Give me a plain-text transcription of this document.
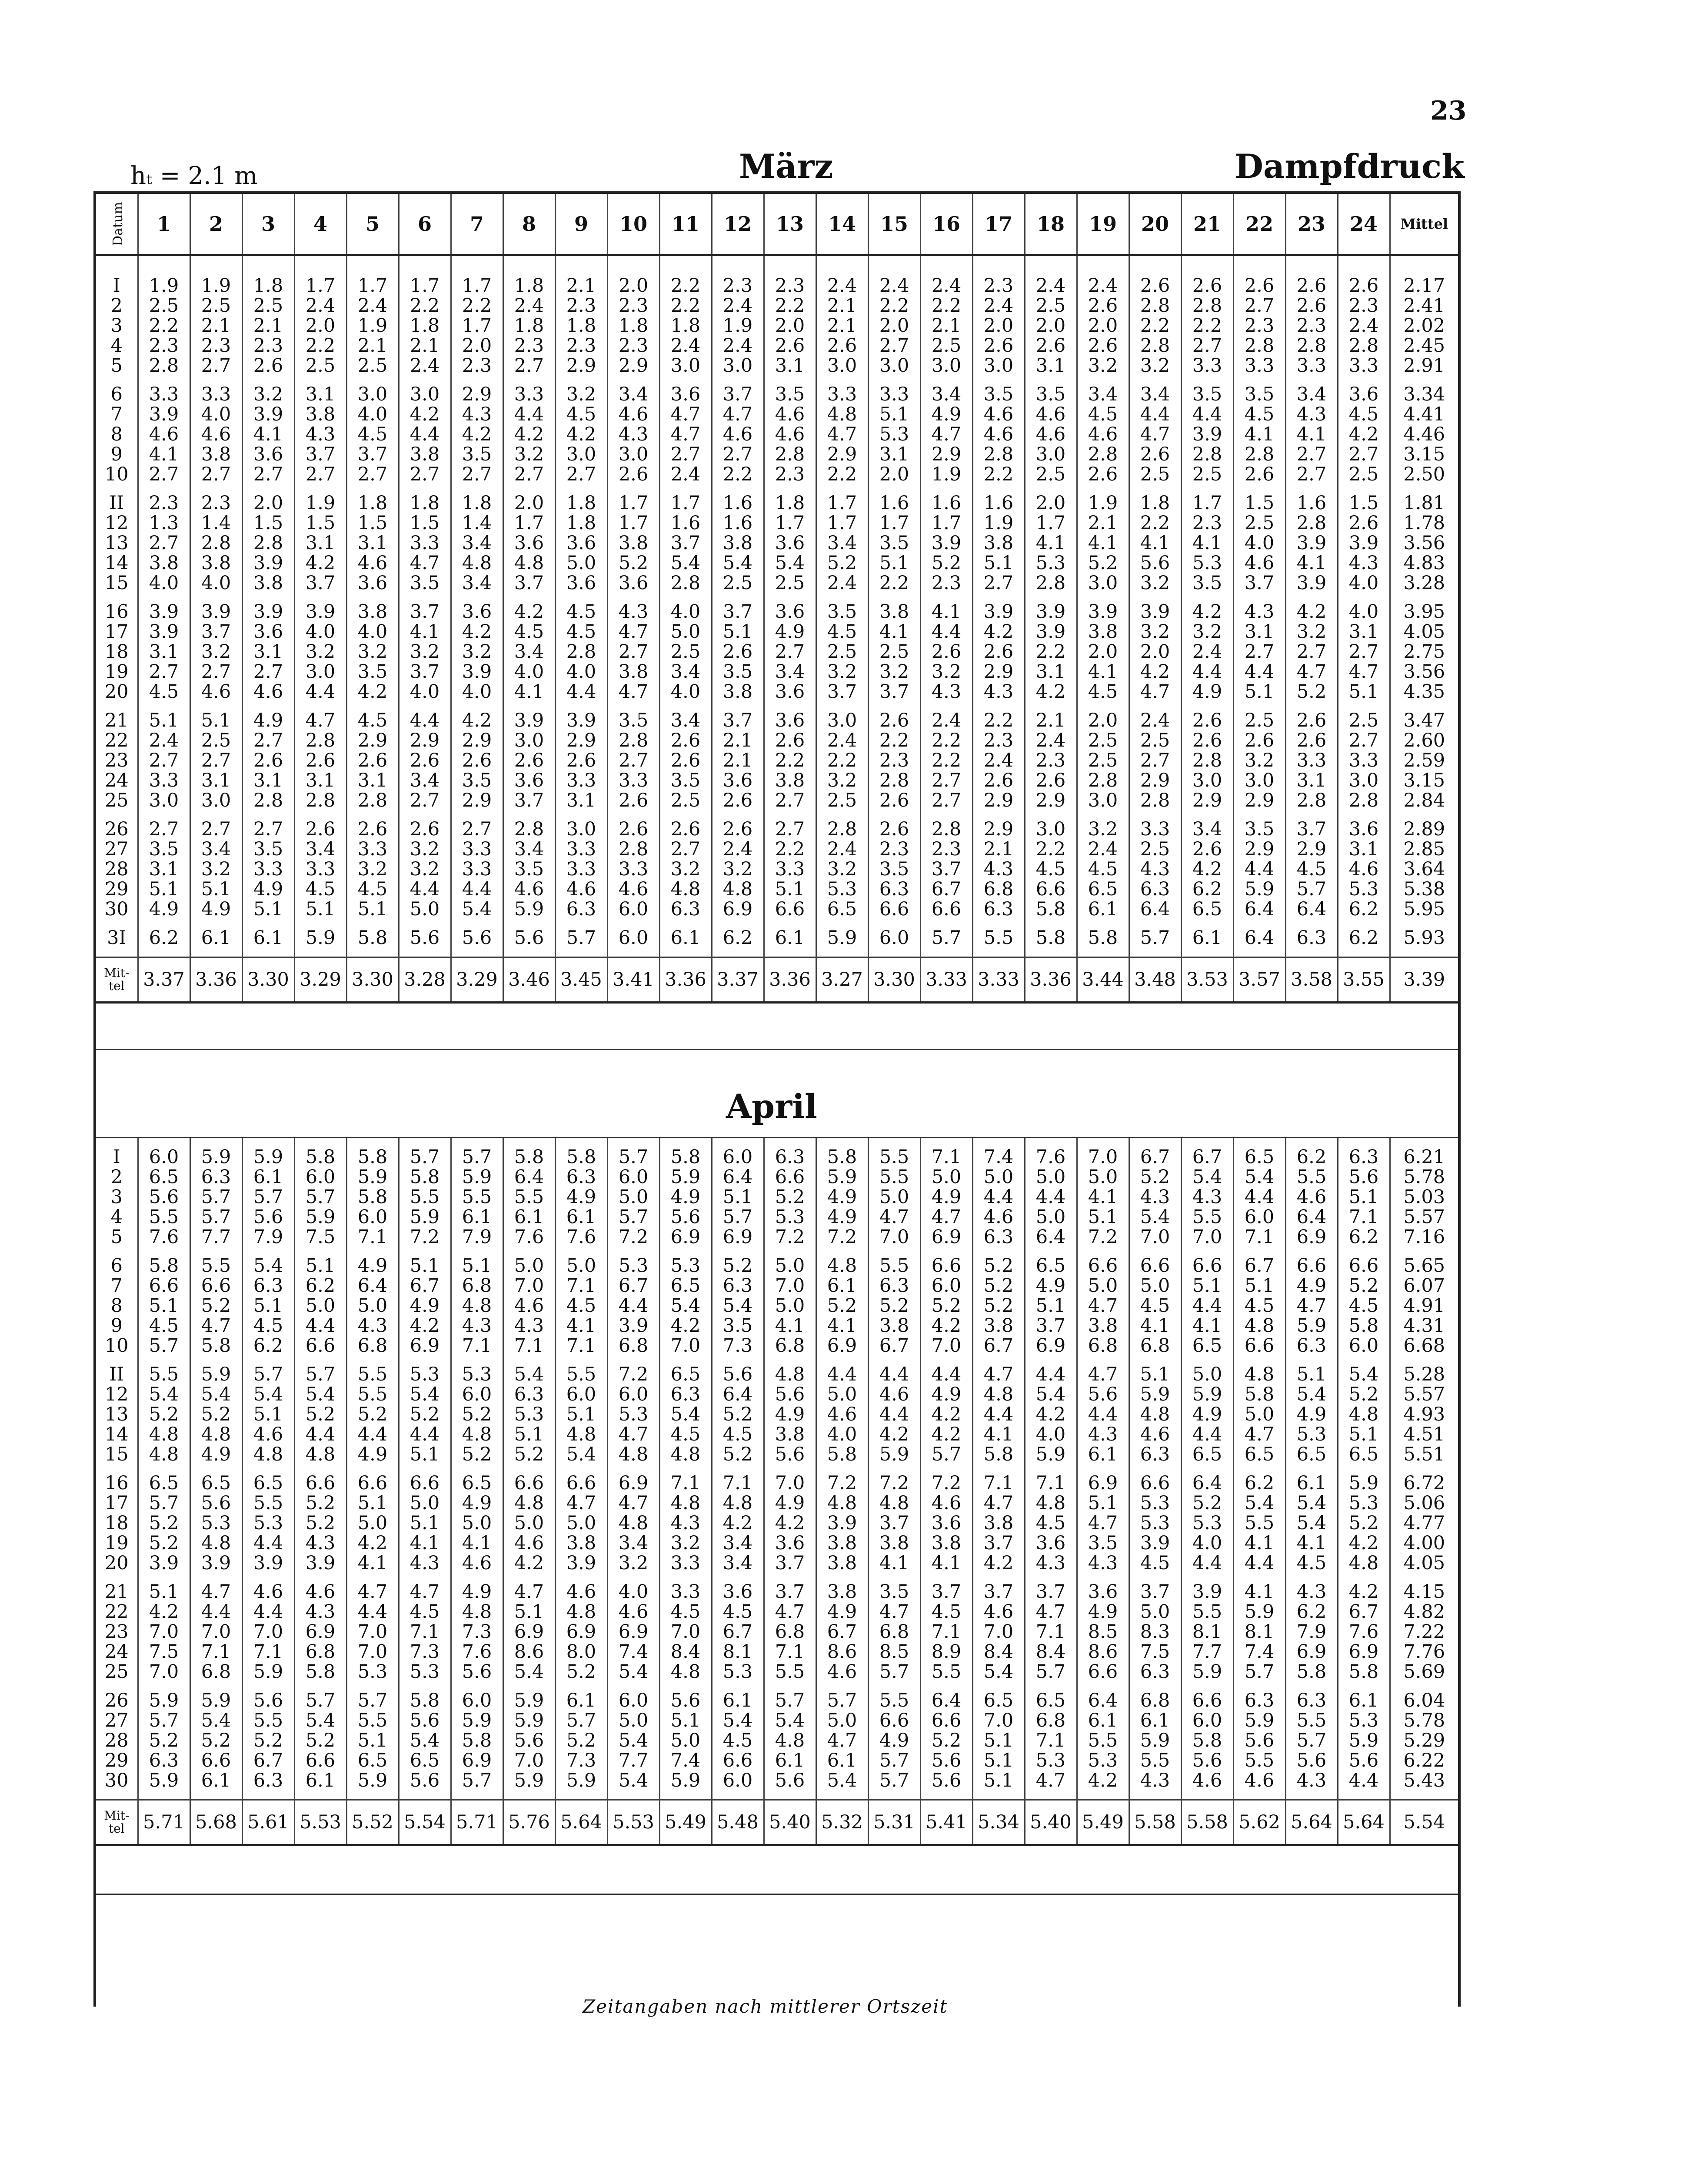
23
hₜ = 2.1 m	März	Dampfdruck
Datum	1	2	3	4	5	6	7	8	9	10	11	12	13	14	15	16	17	18	19	20	21	22	23	24	Mittel

I	1.9	1.9	1.8	1.7	1.7	1.7	1.7	1.8	2.1	2.0	2.2	2.3	2.3	2.4	2.4	2.4	2.3	2.4	2.4	2.6	2.6	2.6	2.6	2.6	2.17
2	2.5	2.5	2.5	2.4	2.4	2.2	2.2	2.4	2.3	2.3	2.2	2.4	2.2	2.1	2.2	2.2	2.4	2.5	2.6	2.8	2.8	2.7	2.6	2.3	2.41
3	2.2	2.1	2.1	2.0	1.9	1.8	1.7	1.8	1.8	1.8	1.8	1.9	2.0	2.1	2.0	2.1	2.0	2.0	2.0	2.2	2.2	2.3	2.3	2.4	2.02
4	2.3	2.3	2.3	2.2	2.1	2.1	2.0	2.3	2.3	2.3	2.4	2.4	2.6	2.6	2.7	2.5	2.6	2.6	2.6	2.8	2.7	2.8	2.8	2.8	2.45
5	2.8	2.7	2.6	2.5	2.5	2.4	2.3	2.7	2.9	2.9	3.0	3.0	3.1	3.0	3.0	3.0	3.0	3.1	3.2	3.2	3.3	3.3	3.3	3.3	2.91

6	3.3	3.3	3.2	3.1	3.0	3.0	2.9	3.3	3.2	3.4	3.6	3.7	3.5	3.3	3.3	3.4	3.5	3.5	3.4	3.4	3.5	3.5	3.4	3.6	3.34
7	3.9	4.0	3.9	3.8	4.0	4.2	4.3	4.4	4.5	4.6	4.7	4.7	4.6	4.8	5.1	4.9	4.6	4.6	4.5	4.4	4.4	4.5	4.3	4.5	4.41
8	4.6	4.6	4.1	4.3	4.5	4.4	4.2	4.2	4.2	4.3	4.7	4.6	4.6	4.7	5.3	4.7	4.6	4.6	4.6	4.7	3.9	4.1	4.1	4.2	4.46
9	4.1	3.8	3.6	3.7	3.7	3.8	3.5	3.2	3.0	3.0	2.7	2.7	2.8	2.9	3.1	2.9	2.8	3.0	2.8	2.6	2.8	2.8	2.7	2.7	3.15
10	2.7	2.7	2.7	2.7	2.7	2.7	2.7	2.7	2.7	2.6	2.4	2.2	2.3	2.2	2.0	1.9	2.2	2.5	2.6	2.5	2.5	2.6	2.7	2.5	2.50

II	2.3	2.3	2.0	1.9	1.8	1.8	1.8	2.0	1.8	1.7	1.7	1.6	1.8	1.7	1.6	1.6	1.6	2.0	1.9	1.8	1.7	1.5	1.6	1.5	1.81
12	1.3	1.4	1.5	1.5	1.5	1.5	1.4	1.7	1.8	1.7	1.6	1.6	1.7	1.7	1.7	1.7	1.9	1.7	2.1	2.2	2.3	2.5	2.8	2.6	1.78
13	2.7	2.8	2.8	3.1	3.1	3.3	3.4	3.6	3.6	3.8	3.7	3.8	3.6	3.4	3.5	3.9	3.8	4.1	4.1	4.1	4.1	4.0	3.9	3.9	3.56
14	3.8	3.8	3.9	4.2	4.6	4.7	4.8	4.8	5.0	5.2	5.4	5.4	5.4	5.2	5.1	5.2	5.1	5.3	5.2	5.6	5.3	4.6	4.1	4.3	4.83
15	4.0	4.0	3.8	3.7	3.6	3.5	3.4	3.7	3.6	3.6	2.8	2.5	2.5	2.4	2.2	2.3	2.7	2.8	3.0	3.2	3.5	3.7	3.9	4.0	3.28

16	3.9	3.9	3.9	3.9	3.8	3.7	3.6	4.2	4.5	4.3	4.0	3.7	3.6	3.5	3.8	4.1	3.9	3.9	3.9	3.9	4.2	4.3	4.2	4.0	3.95
17	3.9	3.7	3.6	4.0	4.0	4.1	4.2	4.5	4.5	4.7	5.0	5.1	4.9	4.5	4.1	4.4	4.2	3.9	3.8	3.2	3.2	3.1	3.2	3.1	4.05
18	3.1	3.2	3.1	3.2	3.2	3.2	3.2	3.4	2.8	2.7	2.5	2.6	2.7	2.5	2.5	2.6	2.6	2.2	2.0	2.0	2.4	2.7	2.7	2.7	2.75
19	2.7	2.7	2.7	3.0	3.5	3.7	3.9	4.0	4.0	3.8	3.4	3.5	3.4	3.2	3.2	3.2	2.9	3.1	4.1	4.2	4.4	4.4	4.7	4.7	3.56
20	4.5	4.6	4.6	4.4	4.2	4.0	4.0	4.1	4.4	4.7	4.0	3.8	3.6	3.7	3.7	4.3	4.3	4.2	4.5	4.7	4.9	5.1	5.2	5.1	4.35

21	5.1	5.1	4.9	4.7	4.5	4.4	4.2	3.9	3.9	3.5	3.4	3.7	3.6	3.0	2.6	2.4	2.2	2.1	2.0	2.4	2.6	2.5	2.6	2.5	3.47
22	2.4	2.5	2.7	2.8	2.9	2.9	2.9	3.0	2.9	2.8	2.6	2.1	2.6	2.4	2.2	2.2	2.3	2.4	2.5	2.5	2.6	2.6	2.6	2.7	2.60
23	2.7	2.7	2.6	2.6	2.6	2.6	2.6	2.6	2.6	2.7	2.6	2.1	2.2	2.2	2.3	2.2	2.4	2.3	2.5	2.7	2.8	3.2	3.3	3.3	2.59
24	3.3	3.1	3.1	3.1	3.1	3.4	3.5	3.6	3.3	3.3	3.5	3.6	3.8	3.2	2.8	2.7	2.6	2.6	2.8	2.9	3.0	3.0	3.1	3.0	3.15
25	3.0	3.0	2.8	2.8	2.8	2.7	2.9	3.7	3.1	2.6	2.5	2.6	2.7	2.5	2.6	2.7	2.9	2.9	3.0	2.8	2.9	2.9	2.8	2.8	2.84

26	2.7	2.7	2.7	2.6	2.6	2.6	2.7	2.8	3.0	2.6	2.6	2.6	2.7	2.8	2.6	2.8	2.9	3.0	3.2	3.3	3.4	3.5	3.7	3.6	2.89
27	3.5	3.4	3.5	3.4	3.3	3.2	3.3	3.4	3.3	2.8	2.7	2.4	2.2	2.4	2.3	2.3	2.1	2.2	2.4	2.5	2.6	2.9	2.9	3.1	2.85
28	3.1	3.2	3.3	3.3	3.2	3.2	3.3	3.5	3.3	3.3	3.2	3.2	3.3	3.2	3.5	3.7	4.3	4.5	4.5	4.3	4.2	4.4	4.5	4.6	3.64
29	5.1	5.1	4.9	4.5	4.5	4.4	4.4	4.6	4.6	4.6	4.8	4.8	5.1	5.3	6.3	6.7	6.8	6.6	6.5	6.3	6.2	5.9	5.7	5.3	5.38
30	4.9	4.9	5.1	5.1	5.1	5.0	5.4	5.9	6.3	6.0	6.3	6.9	6.6	6.5	6.6	6.6	6.3	5.8	6.1	6.4	6.5	6.4	6.4	6.2	5.95

3I	6.2	6.1	6.1	5.9	5.8	5.6	5.6	5.6	5.7	6.0	6.1	6.2	6.1	5.9	6.0	5.7	5.5	5.8	5.8	5.7	6.1	6.4	6.3	6.2	5.93

Mit-
tel	3.37	3.36	3.30	3.29	3.30	3.28	3.29	3.46	3.45	3.41	3.36	3.37	3.36	3.27	3.30	3.33	3.33	3.36	3.44	3.48	3.53	3.57	3.58	3.55	3.39
April

I	6.0	5.9	5.9	5.8	5.8	5.7	5.7	5.8	5.8	5.7	5.8	6.0	6.3	5.8	5.5	7.1	7.4	7.6	7.0	6.7	6.7	6.5	6.2	6.3	6.21
2	6.5	6.3	6.1	6.0	5.9	5.8	5.9	6.4	6.3	6.0	5.9	6.4	6.6	5.9	5.5	5.0	5.0	5.0	5.0	5.2	5.4	5.4	5.5	5.6	5.78
3	5.6	5.7	5.7	5.7	5.8	5.5	5.5	5.5	4.9	5.0	4.9	5.1	5.2	4.9	5.0	4.9	4.4	4.4	4.1	4.3	4.3	4.4	4.6	5.1	5.03
4	5.5	5.7	5.6	5.9	6.0	5.9	6.1	6.1	6.1	5.7	5.6	5.7	5.3	4.9	4.7	4.7	4.6	5.0	5.1	5.4	5.5	6.0	6.4	7.1	5.57
5	7.6	7.7	7.9	7.5	7.1	7.2	7.9	7.6	7.6	7.2	6.9	6.9	7.2	7.2	7.0	6.9	6.3	6.4	7.2	7.0	7.0	7.1	6.9	6.2	7.16

6	5.8	5.5	5.4	5.1	4.9	5.1	5.1	5.0	5.0	5.3	5.3	5.2	5.0	4.8	5.5	6.6	5.2	6.5	6.6	6.6	6.6	6.7	6.6	6.6	5.65
7	6.6	6.6	6.3	6.2	6.4	6.7	6.8	7.0	7.1	6.7	6.5	6.3	7.0	6.1	6.3	6.0	5.2	4.9	5.0	5.0	5.1	5.1	4.9	5.2	6.07
8	5.1	5.2	5.1	5.0	5.0	4.9	4.8	4.6	4.5	4.4	5.4	5.4	5.0	5.2	5.2	5.2	5.2	5.1	4.7	4.5	4.4	4.5	4.7	4.5	4.91
9	4.5	4.7	4.5	4.4	4.3	4.2	4.3	4.3	4.1	3.9	4.2	3.5	4.1	4.1	3.8	4.2	3.8	3.7	3.8	4.1	4.1	4.8	5.9	5.8	4.31
10	5.7	5.8	6.2	6.6	6.8	6.9	7.1	7.1	7.1	6.8	7.0	7.3	6.8	6.9	6.7	7.0	6.7	6.9	6.8	6.8	6.5	6.6	6.3	6.0	6.68

II	5.5	5.9	5.7	5.7	5.5	5.3	5.3	5.4	5.5	7.2	6.5	5.6	4.8	4.4	4.4	4.4	4.7	4.4	4.7	5.1	5.0	4.8	5.1	5.4	5.28
12	5.4	5.4	5.4	5.4	5.5	5.4	6.0	6.3	6.0	6.0	6.3	6.4	5.6	5.0	4.6	4.9	4.8	5.4	5.6	5.9	5.9	5.8	5.4	5.2	5.57
13	5.2	5.2	5.1	5.2	5.2	5.2	5.2	5.3	5.1	5.3	5.4	5.2	4.9	4.6	4.4	4.2	4.4	4.2	4.4	4.8	4.9	5.0	4.9	4.8	4.93
14	4.8	4.8	4.6	4.4	4.4	4.4	4.8	5.1	4.8	4.7	4.5	4.5	3.8	4.0	4.2	4.2	4.1	4.0	4.3	4.6	4.4	4.7	5.3	5.1	4.51
15	4.8	4.9	4.8	4.8	4.9	5.1	5.2	5.2	5.4	4.8	4.8	5.2	5.6	5.8	5.9	5.7	5.8	5.9	6.1	6.3	6.5	6.5	6.5	6.5	5.51

16	6.5	6.5	6.5	6.6	6.6	6.6	6.5	6.6	6.6	6.9	7.1	7.1	7.0	7.2	7.2	7.2	7.1	7.1	6.9	6.6	6.4	6.2	6.1	5.9	6.72
17	5.7	5.6	5.5	5.2	5.1	5.0	4.9	4.8	4.7	4.7	4.8	4.8	4.9	4.8	4.8	4.6	4.7	4.8	5.1	5.3	5.2	5.4	5.4	5.3	5.06
18	5.2	5.3	5.3	5.2	5.0	5.1	5.0	5.0	5.0	4.8	4.3	4.2	4.2	3.9	3.7	3.6	3.8	4.5	4.7	5.3	5.3	5.5	5.4	5.2	4.77
19	5.2	4.8	4.4	4.3	4.2	4.1	4.1	4.6	3.8	3.4	3.2	3.4	3.6	3.8	3.8	3.8	3.7	3.6	3.5	3.9	4.0	4.1	4.1	4.2	4.00
20	3.9	3.9	3.9	3.9	4.1	4.3	4.6	4.2	3.9	3.2	3.3	3.4	3.7	3.8	4.1	4.1	4.2	4.3	4.3	4.5	4.4	4.4	4.5	4.8	4.05

21	5.1	4.7	4.6	4.6	4.7	4.7	4.9	4.7	4.6	4.0	3.3	3.6	3.7	3.8	3.5	3.7	3.7	3.7	3.6	3.7	3.9	4.1	4.3	4.2	4.15
22	4.2	4.4	4.4	4.3	4.4	4.5	4.8	5.1	4.8	4.6	4.5	4.5	4.7	4.9	4.7	4.5	4.6	4.7	4.9	5.0	5.5	5.9	6.2	6.7	4.82
23	7.0	7.0	7.0	6.9	7.0	7.1	7.3	6.9	6.9	6.9	7.0	6.7	6.8	6.7	6.8	7.1	7.0	7.1	8.5	8.3	8.1	8.1	7.9	7.6	7.22
24	7.5	7.1	7.1	6.8	7.0	7.3	7.6	8.6	8.0	7.4	8.4	8.1	7.1	8.6	8.5	8.9	8.4	8.4	8.6	7.5	7.7	7.4	6.9	6.9	7.76
25	7.0	6.8	5.9	5.8	5.3	5.3	5.6	5.4	5.2	5.4	4.8	5.3	5.5	4.6	5.7	5.5	5.4	5.7	6.6	6.3	5.9	5.7	5.8	5.8	5.69

26	5.9	5.9	5.6	5.7	5.7	5.8	6.0	5.9	6.1	6.0	5.6	6.1	5.7	5.7	5.5	6.4	6.5	6.5	6.4	6.8	6.6	6.3	6.3	6.1	6.04
27	5.7	5.4	5.5	5.4	5.5	5.6	5.9	5.9	5.7	5.0	5.1	5.4	5.4	5.0	6.6	6.6	7.0	6.8	6.1	6.1	6.0	5.9	5.5	5.3	5.78
28	5.2	5.2	5.2	5.2	5.1	5.4	5.8	5.6	5.2	5.4	5.0	4.5	4.8	4.7	4.9	5.2	5.1	7.1	5.5	5.9	5.8	5.6	5.7	5.9	5.29
29	6.3	6.6	6.7	6.6	6.5	6.5	6.9	7.0	7.3	7.7	7.4	6.6	6.1	6.1	5.7	5.6	5.1	5.3	5.3	5.5	5.6	5.5	5.6	5.6	6.22
30	5.9	6.1	6.3	6.1	5.9	5.6	5.7	5.9	5.9	5.4	5.9	6.0	5.6	5.4	5.7	5.6	5.1	4.7	4.2	4.3	4.6	4.6	4.3	4.4	5.43

Mit-
tel	5.71	5.68	5.61	5.53	5.52	5.54	5.71	5.76	5.64	5.53	5.49	5.48	5.40	5.32	5.31	5.41	5.34	5.40	5.49	5.58	5.58	5.62	5.64	5.64	5.54
Zeitangaben nach mittlerer Ortszeit
